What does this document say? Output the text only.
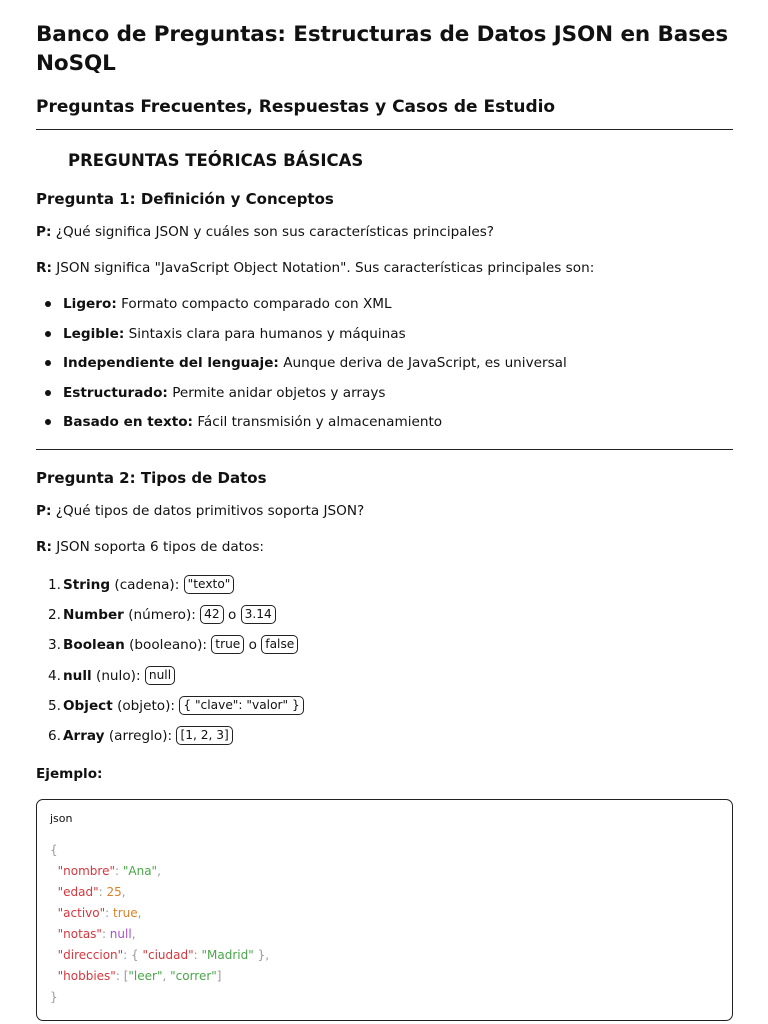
Banco de Preguntas: Estructuras de Datos JSON en Bases NoSQL
Preguntas Frecuentes, Respuestas y Casos de Estudio
PREGUNTAS TEÓRICAS BÁSICAS
Pregunta 1: Definición y Conceptos

P: ¿Qué significa JSON y cuáles son sus características principales?

R: JSON significa "JavaScript Object Notation". Sus características principales son:

Ligero: Formato compacto comparado con XML
Legible: Sintaxis clara para humanos y máquinas
Independiente del lenguaje: Aunque deriva de JavaScript, es universal
Estructurado: Permite anidar objetos y arrays
Basado en texto: Fácil transmisión y almacenamiento
Pregunta 2: Tipos de Datos

P: ¿Qué tipos de datos primitivos soporta JSON?

R: JSON soporta 6 tipos de datos:

1. String (cadena): "texto"
2. Number (número): 42 o 3.14
3. Boolean (booleano): true o false
4. null (nulo): null
5. Object (objeto): { "clave": "valor" }
6. Array (arreglo): [1, 2, 3]
Ejemplo:
json
{
"nombre": "Ana",
"edad": 25,
"activo": true,
"notas": null,
"direccion": { "ciudad": "Madrid" },
"hobbies": ["leer", "correr"]
}
